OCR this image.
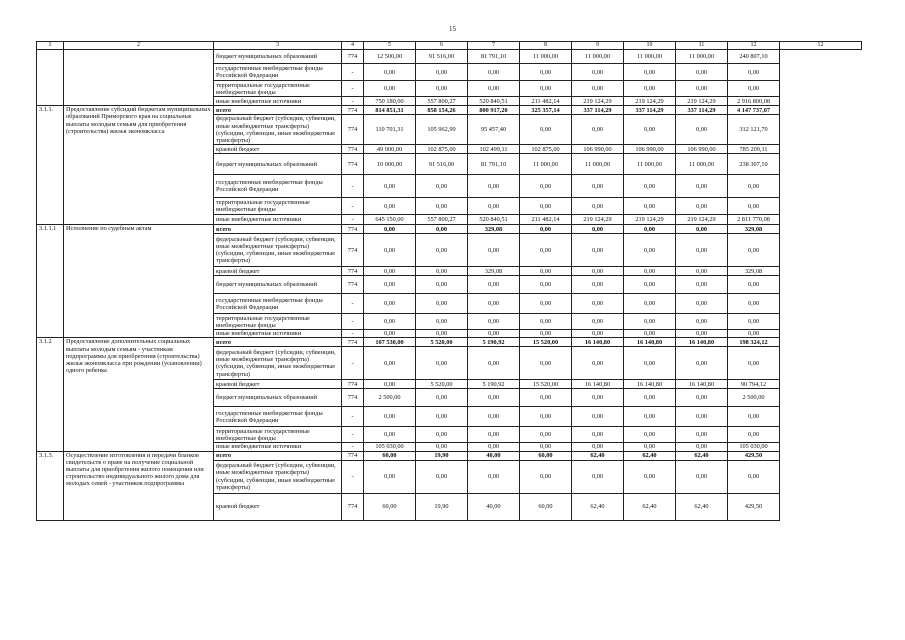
15
1	2	3	4	5	6	7	8	9	10	11	12	12
		бюджет муниципальных образований	774	12 500,00	91 516,00	81 791,10	11 000,00	11 000,00	11 000,00	11 000,00	240 807,10	
		государственные внебюджетные фонды Российской Федерации	-	0,00	0,00	0,00	0,00	0,00	0,00	0,00	0,00	
		территориальные государственные внебюджетные фонды	-	0,00	0,00	0,00	0,00	0,00	0,00	0,00	0,00	
		иные внебюджетные источники	-	750 180,00	557 800,27	520 840,51	211 482,14	219 124,29	219 124,29	219 124,29	2 916 800,08	
3.1.1.	Предоставление субсидий бюджетам муниципальных образований Приморского края на социальные выплаты молодым семьям для приобретения (строительства) жилья экономкласса	всего	774	814 851,31	858 154,26	800 917,20	325 357,14	337 114,29	337 114,29	337 114,29	4 147 737,07	
		федеральный бюджет (субсидии, субвенции, иные межбюджетные трансферты) (субсидии, субвенции, иные межбюджетные трансферты)	774	110 701,31	105 962,99	95 457,40	0,00	0,00	0,00	0,00	312 121,70	
		краевой бюджет	774	49 000,00	102 875,00	102 499,11	102 875,00	106 990,00	106 990,00	106 990,00	785 209,11	
		бюджет муниципальных образований	774	10 000,00	91 516,00	81 791,10	11 000,00	11 000,00	11 000,00	11 000,00	238 307,10	
		государственные внебюджетные фонды Российской Федерации	-	0,00	0,00	0,00	0,00	0,00	0,00	0,00	0,00	
		территориальные государственные внебюджетные фонды	-	0,00	0,00	0,00	0,00	0,00	0,00	0,00	0,00	
		иные внебюджетные источники	-	645 150,00	557 800,27	520 840,51	211 482,14	219 124,29	219 124,29	219 124,29	2 811 770,08	
3.1.1.1	Исполнение по судебным актам	всего	774	0,00	0,00	329,08	0,00	0,00	0,00	0,00	329,08	
		федеральный бюджет (субсидии, субвенции, иные межбюджетные трансферты) (субсидии, субвенции, иные межбюджетные трансферты)	774	0,00	0,00	0,00	0,00	0,00	0,00	0,00	0,00	
		краевой бюджет	774	0,00	0,00	329,08	0,00	0,00	0,00	0,00	329,08	
		бюджет муниципальных образований	774	0,00	0,00	0,00	0,00	0,00	0,00	0,00	0,00	
		государственные внебюджетные фонды Российской Федерации	-	0,00	0,00	0,00	0,00	0,00	0,00	0,00	0,00	
		территориальные государственные внебюджетные фонды	-	0,00	0,00	0,00	0,00	0,00	0,00	0,00	0,00	
		иные внебюджетные источники	-	0,00	0,00	0,00	0,00	0,00	0,00	0,00	0,00	
3.1.2	Предоставление дополнительных социальных выплаты молодым семьям - участникам подпрограммы для приобретения (строительства) жилья экономкласса при рождении (усыновлении) одного ребенка	всего	774	107 530,00	5 520,00	5 190,92	15 520,00	16 140,80	16 140,80	16 140,80	198 324,12	
		федеральный бюджет (субсидии, субвенции, иные межбюджетные трансферты) (субсидии, субвенции, иные межбюджетные трансферты)	-	0,00	0,00	0,00	0,00	0,00	0,00	0,00	0,00	
		краевой бюджет	774	0,00	5 520,00	5 190,92	15 520,00	16 140,80	16 140,80	16 140,80	90 794,12	
		бюджет муниципальных образований	774	2 500,00	0,00	0,00	0,00	0,00	0,00	0,00	2 500,00	
		государственные внебюджетные фонды Российской Федерации	-	0,00	0,00	0,00	0,00	0,00	0,00	0,00	0,00	
		территориальные государственные внебюджетные фонды	-	0,00	0,00	0,00	0,00	0,00	0,00	0,00	0,00	
		иные внебюджетные источники	-	105 030,00	0,00	0,00	0,00	0,00	0,00	0,00	105 030,00	
3.1.3.	Осуществление изготовления и передачи бланков свидетельств о праве на получение социальной выплаты для приобретения жилого помещения или строительство индивидуального жилого дома для молодых семей - участников подпрограммы	всего	774	60,00	19,90	40,00	60,00	62,40	62,40	62,40	429,50	
		федеральный бюджет (субсидии, субвенции, иные межбюджетные трансферты) (субсидии, субвенции, иные межбюджетные трансферты)	-	0,00	0,00	0,00	0,00	0,00	0,00	0,00	0,00	
		краевой бюджет	774	60,00	19,90	40,00	60,00	62,40	62,40	62,40	429,50	
